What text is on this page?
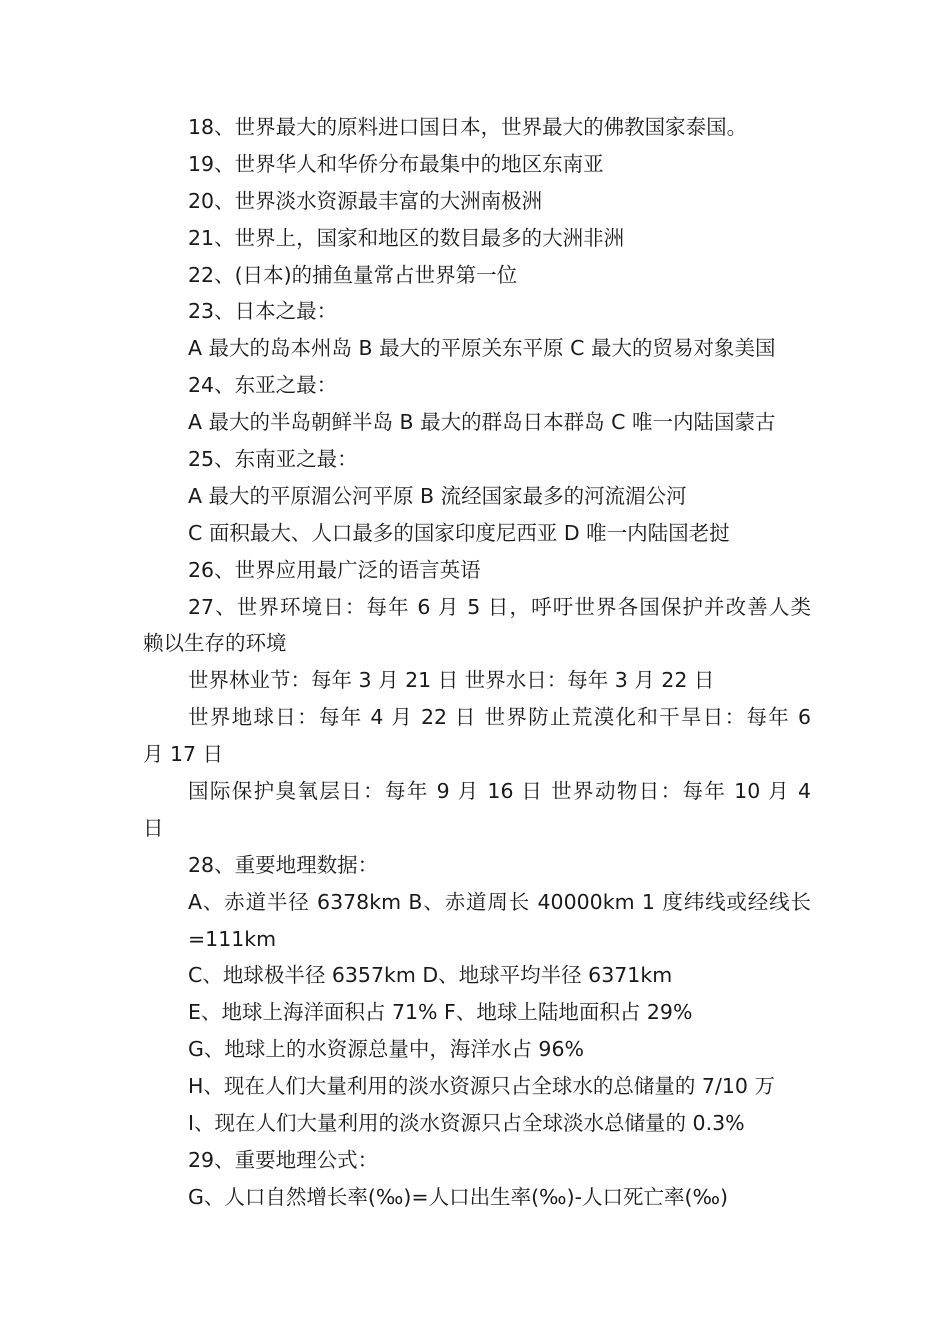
18、世界最大的原料进口国日本，世界最大的佛教国家泰国。
19、世界华人和华侨分布最集中的地区东南亚
20、世界淡水资源最丰富的大洲南极洲
21、世界上，国家和地区的数目最多的大洲非洲
22、(日本)的捕鱼量常占世界第一位
23、日本之最：
A 最大的岛本州岛 B 最大的平原关东平原 C 最大的贸易对象美国
24、东亚之最：
A 最大的半岛朝鲜半岛 B 最大的群岛日本群岛 C 唯一内陆国蒙古
25、东南亚之最：
A 最大的平原湄公河平原 B 流经国家最多的河流湄公河
C 面积最大、人口最多的国家印度尼西亚 D 唯一内陆国老挝
26、世界应用最广泛的语言英语
27、世界环境日：每年 6 月 5 日，呼吁世界各国保护并改善人类
赖以生存的环境
世界林业节：每年 3 月 21 日 世界水日：每年 3 月 22 日
世界地球日：每年 4 月 22 日 世界防止荒漠化和干旱日：每年 6
月 17 日
国际保护臭氧层日：每年 9 月 16 日 世界动物日：每年 10 月 4
日
28、重要地理数据：
A、赤道半径 6378km B、赤道周长 40000km 1 度纬线或经线长
=111km
C、地球极半径 6357km D、地球平均半径 6371km
E、地球上海洋面积占 71% F、地球上陆地面积占 29%
G、地球上的水资源总量中，海洋水占 96%
H、现在人们大量利用的淡水资源只占全球水的总储量的 7/10 万
I、现在人们大量利用的淡水资源只占全球淡水总储量的 0.3%
29、重要地理公式：
G、人口自然增长率(‰)=人口出生率(‰)-人口死亡率(‰)
